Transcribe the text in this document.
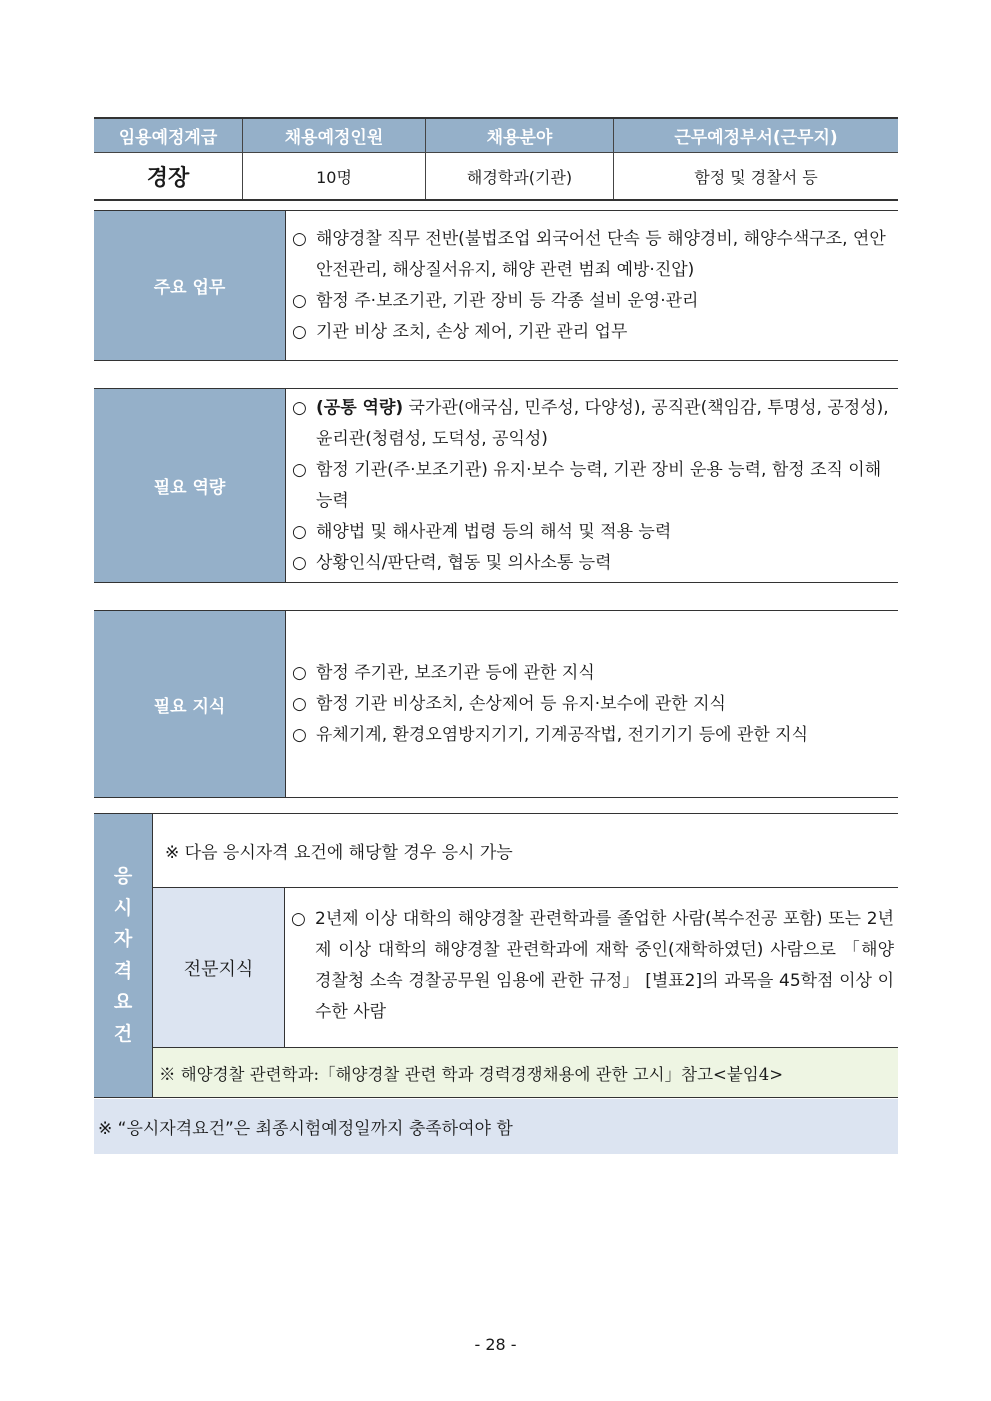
임용예정계급	채용예정인원	채용분야	근무예정부서(근무지)
경장	10명	해경학과(기관)	함정 및 경찰서 등
주요 업무
○ 해양경찰 직무 전반(불법조업 외국어선 단속 등 해양경비, 해양수색구조, 연안안전관리, 해상질서유지, 해양 관련 범죄 예방·진압)
○ 함정 주·보조기관, 기관 장비 등 각종 설비 운영·관리
○ 기관 비상 조치, 손상 제어, 기관 관리 업무
필요 역량
○ (공통 역량) 국가관(애국심, 민주성, 다양성), 공직관(책임감, 투명성, 공정성), 윤리관(청렴성, 도덕성, 공익성)
○ 함정 기관(주·보조기관) 유지·보수 능력, 기관 장비 운용 능력, 함정 조직 이해능력
○ 해양법 및 해사관계 법령 등의 해석 및 적용 능력
○ 상황인식/판단력, 협동 및 의사소통 능력
필요 지식
○ 함정 주기관, 보조기관 등에 관한 지식
○ 함정 기관 비상조치, 손상제어 등 유지·보수에 관한 지식
○ 유체기계, 환경오염방지기기, 기계공작법, 전기기기 등에 관한 지식
응
시
자
격
요
건
※ 다음 응시자격 요건에 해당할 경우 응시 가능
전문지식
○ 2년제 이상 대학의 해양경찰 관련학과를 졸업한 사람(복수전공 포함) 또는 2년제 이상 대학의 해양경찰 관련학과에 재학 중인(재학하였던) 사람으로 「해양경찰청 소속 경찰공무원 임용에 관한 규정」 [별표2]의 과목을 45학점 이상 이수한 사람
※ 해양경찰 관련학과:「해양경찰 관련 학과 경력경쟁채용에 관한 고시」참고<붙임4>
※ “응시자격요건”은 최종시험예정일까지 충족하여야 함
- 28 -
